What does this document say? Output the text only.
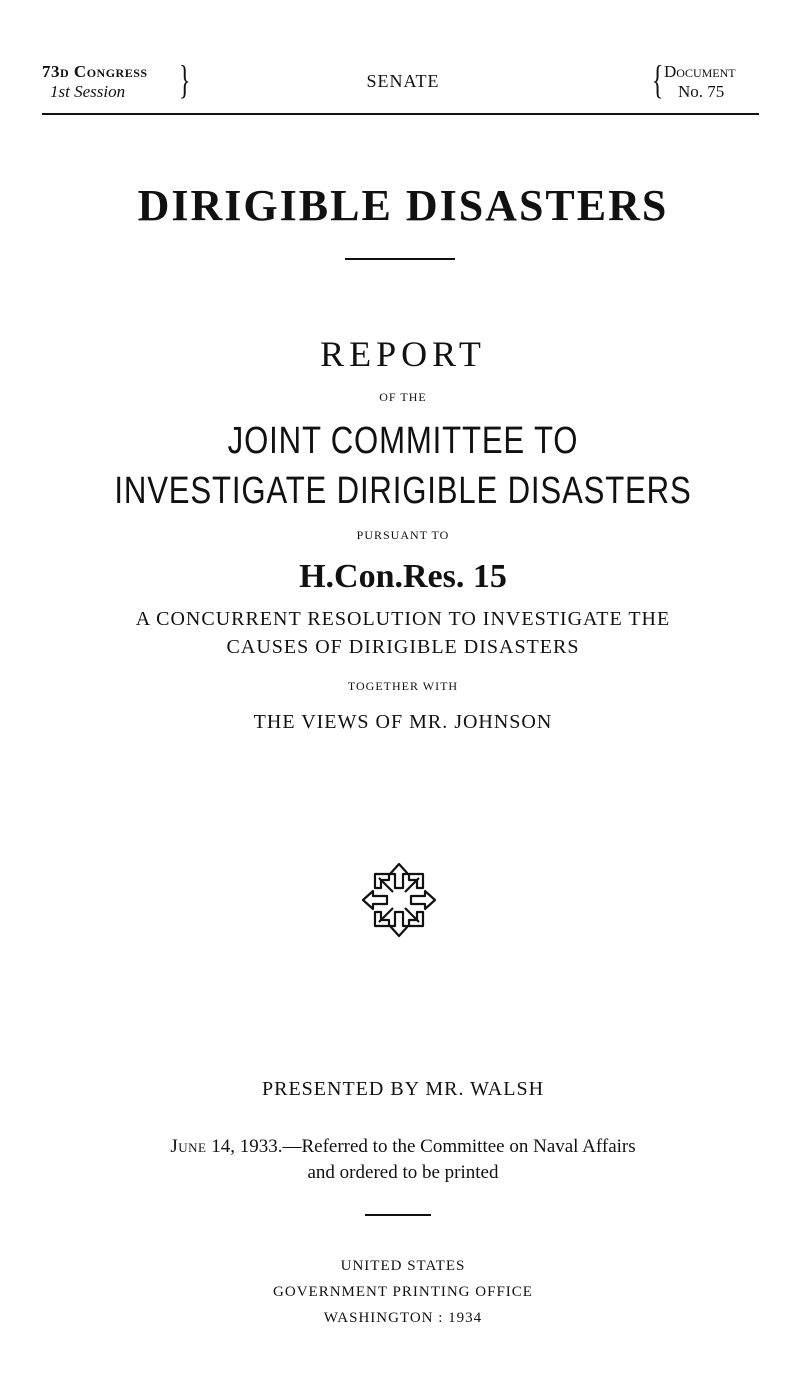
73d Congress
1st Session	}	SENATE	{ Document
No. 75
DIRIGIBLE DISASTERS
REPORT
OF THE
JOINT COMMITTEE TO
INVESTIGATE DIRIGIBLE DISASTERS
PURSUANT TO
H.Con.Res. 15
A CONCURRENT RESOLUTION TO INVESTIGATE THE
CAUSES OF DIRIGIBLE DISASTERS
TOGETHER WITH
THE VIEWS OF MR. JOHNSON
PRESENTED BY MR. WALSH
June 14, 1933.—Referred to the Committee on Naval Affairs
and ordered to be printed
UNITED STATES
GOVERNMENT PRINTING OFFICE
WASHINGTON : 1934
